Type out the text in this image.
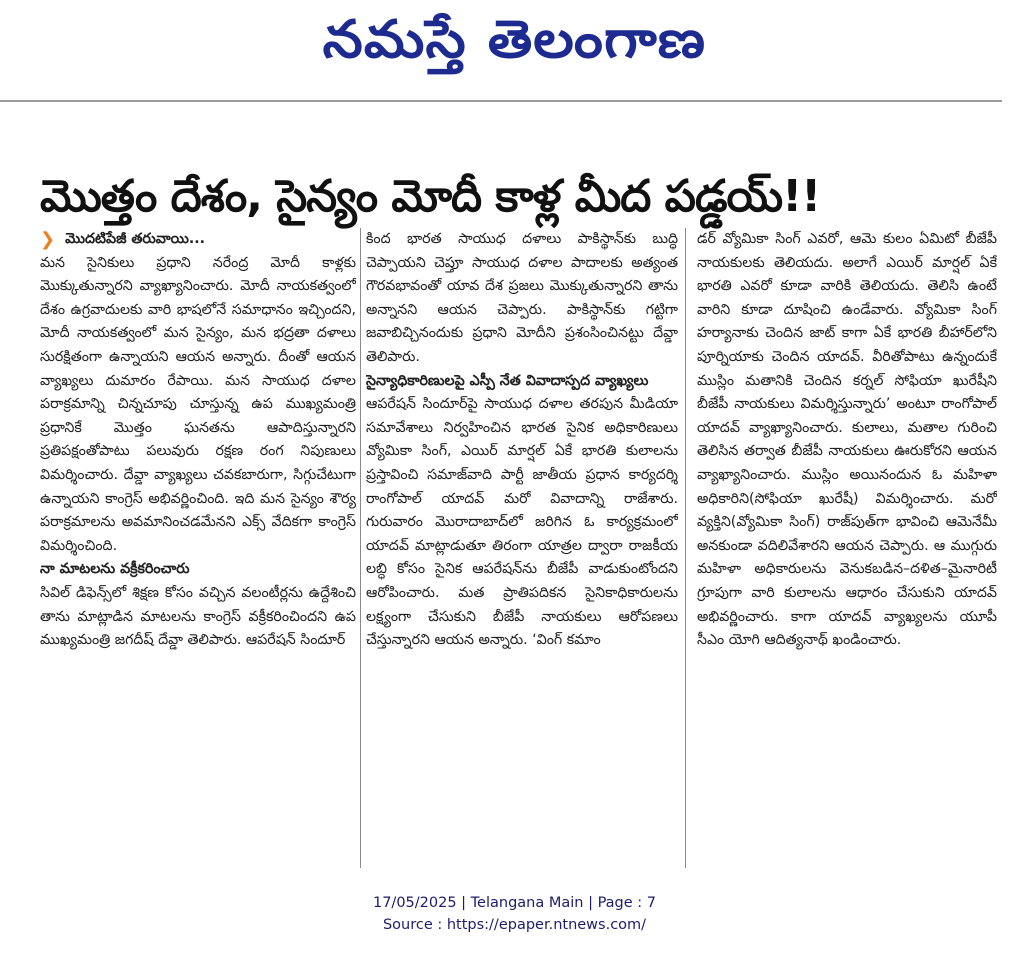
నమస్తే తెలంగాణ
మొత్తం దేశం, సైన్యం మోదీ కాళ్ల మీద పడ్డయ్!!
❯ మొదటిపేజీ తరువాయి...

మన సైనికులు ప్రధాని నరేంద్ర మోదీ కాళ్లకు మొక్కుతున్నారని వ్యాఖ్యానించారు. మోదీ నాయకత్వంలో దేశం ఉగ్రవాదులకు వారి భాషలోనే సమాధానం ఇచ్చిందని, మోదీ నాయకత్వంలో మన సైన్యం, మన భద్రతా దళాలు సురక్షితంగా ఉన్నాయని ఆయన అన్నారు. దీంతో ఆయన వ్యాఖ్యలు దుమారం రేపాయి. మన సాయుధ దళాల పరాక్రమాన్ని చిన్నచూపు చూస్తున్న ఉప ముఖ్యమంత్రి ప్రధానికే మొత్తం ఘనతను ఆపాదిస్తున్నారని ప్రతిపక్షంతోపాటు పలువురు రక్షణ రంగ నిపుణులు విమర్శించారు. దేవ్డా వ్యాఖ్యలు చవకబారుగా, సిగ్గుచేటుగా ఉన్నాయని కాంగ్రెస్ అభివర్ణించింది. ఇది మన సైన్యం శౌర్య పరాక్రమాలను అవమానించడమేనని ఎక్స్ వేదికగా కాంగ్రెస్ విమర్శించింది.

నా మాటలను వక్రీకరించారు

సివిల్ డిఫెన్స్‌లో శిక్షణ కోసం వచ్చిన వలంటీర్లను ఉద్దేశించి తాను మాట్లాడిన మాటలను కాంగ్రెస్ వక్రీకరించిందని ఉప ముఖ్యమంత్రి జగదీష్ దేవ్డా తెలిపారు. ఆపరేషన్ సిందూర్

కింద భారత సాయుధ దళాలు పాకిస్థాన్‌కు బుద్ధి చెప్పాయని చెప్తూ సాయుధ దళాల పాదాలకు అత్యంత గౌరవభావంతో యావ దేశ ప్రజలు మొక్కుతున్నారని తాను అన్నానని ఆయన చెప్పారు. పాకిస్థాన్‌కు గట్టిగా జవాబిచ్చినందుకు ప్రధాని మోదీని ప్రశంసించినట్టు దేవ్డా తెలిపారు.

సైన్యాధికారిణులపై ఎస్పీ నేత వివాదాస్పద వ్యాఖ్యలు

ఆపరేషన్ సిందూర్‌పై సాయుధ దళాల తరపున మీడియా సమావేశాలు నిర్వహించిన భారత సైనిక అధికారిణులు వ్యోమికా సింగ్, ఎయిర్ మార్షల్ ఏకే భారతి కులాలను ప్రస్తావించి సమాజ్‌వాది పార్టీ జాతీయ ప్రధాన కార్యదర్శి రాంగోపాల్ యాదవ్ మరో వివాదాన్ని రాజేశారు. గురువారం మొరాదాబాద్‌లో జరిగిన ఓ కార్యక్రమంలో యాదవ్ మాట్లాడుతూ తిరంగా యాత్రల ద్వారా రాజకీయ లబ్ధి కోసం సైనిక ఆపరేషన్‌ను బీజేపీ వాడుకుంటోందని ఆరోపించారు. మత ప్రాతిపదికన సైనికాధికారులను లక్ష్యంగా చేసుకుని బీజేపీ నాయకులు ఆరోపణలు చేస్తున్నారని ఆయన అన్నారు. ‘వింగ్ కమాం

డర్ వ్యోమికా సింగ్ ఎవరో, ఆమె కులం ఏమిటో బీజేపీ నాయకులకు తెలియదు. అలాగే ఎయిర్ మార్షల్ ఏకే భారతి ఎవరో కూడా వారికి తెలియదు. తెలిసి ఉంటే వారిని కూడా దూషించి ఉండేవారు. వ్యోమికా సింగ్ హర్యానాకు చెందిన జాట్ కాగా ఏకే భారతి బీహార్‌లోని పూర్నియాకు చెందిన యాదవ్. వీరితోపాటు ఉన్నందుకే ముస్లిం మతానికి చెందిన కర్నల్ సోఫియా ఖురేషీని బీజేపీ నాయకులు విమర్శిస్తున్నారు’ అంటూ రాంగోపాల్ యాదవ్ వ్యాఖ్యానించారు. కులాలు, మతాల గురించి తెలిసిన తర్వాత బీజేపీ నాయకులు ఊరుకోరని ఆయన వ్యాఖ్యానించారు. ముస్లిం అయినందున ఓ మహిళా అధికారిని(సోఫియా ఖురేషీ) విమర్శించారు. మరో వ్యక్తిని(వ్యోమికా సింగ్) రాజ్‌పుత్‌గా భావించి ఆమెనేమీ అనకుండా వదిలివేశారని ఆయన చెప్పారు. ఆ ముగ్గురు మహిళా అధికారులను వెనుకబడిన–దళిత–మైనారిటీ గ్రూపుగా వారి కులాలను ఆధారం చేసుకుని యాదవ్ అభివర్ణించారు. కాగా యాదవ్ వ్యాఖ్యలను యూపీ సీఎం యోగి ఆదిత్యనాథ్ ఖండించారు.

17/05/2025 | Telangana Main | Page : 7
Source : https://epaper.ntnews.com/
